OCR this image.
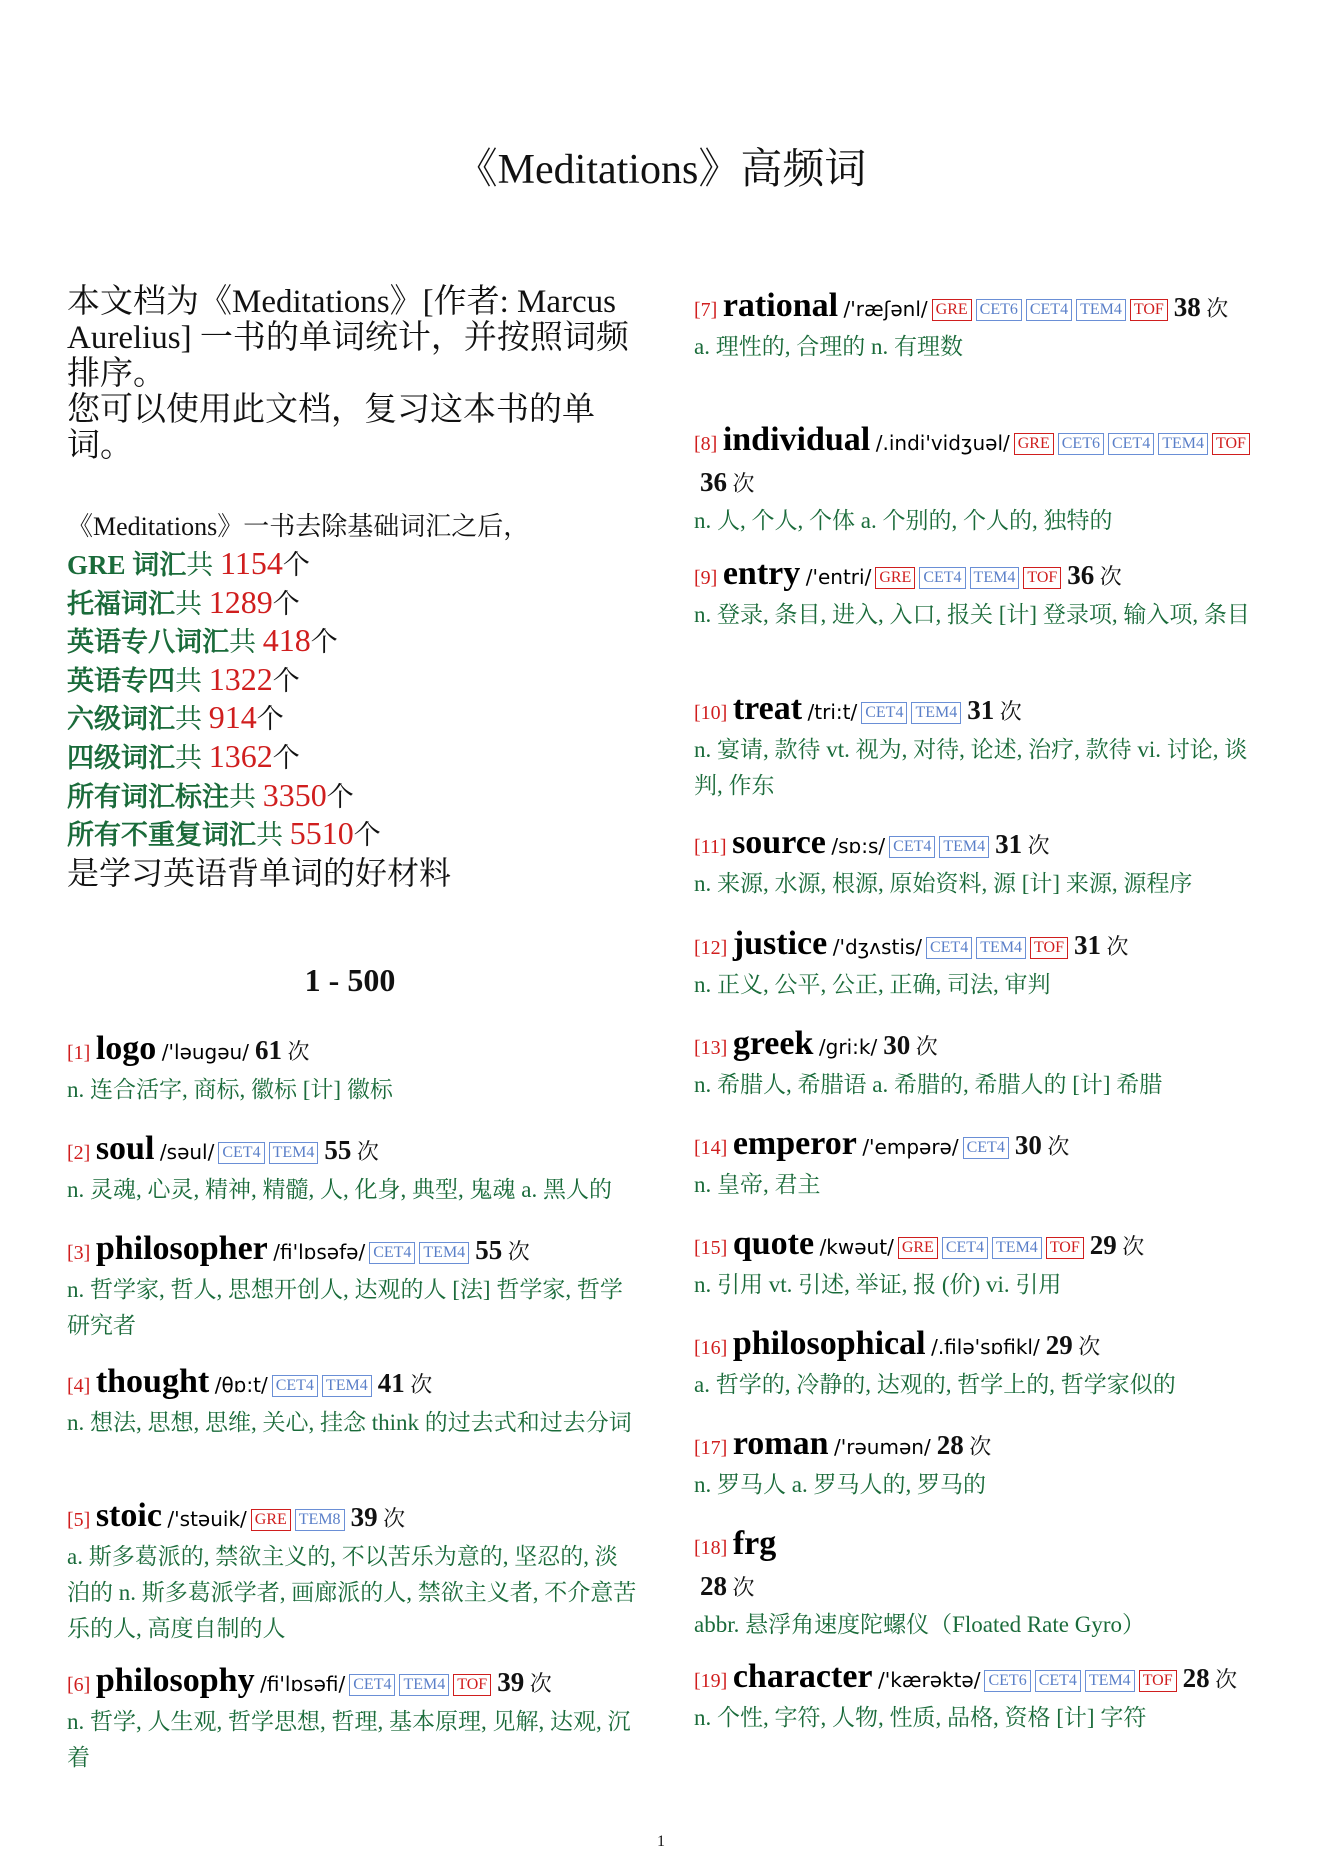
《Meditations》高频词

本文档为《Meditations》[作者: Marcus Aurelius] 一书的单词统计，并按照词频排序。

您可以使用此文档，复习这本书的单词。

《Meditations》一书去除基础词汇之后，
GRE 词汇共 1154个
托福词汇共 1289个
英语专八词汇共 418个
英语专四共 1322个
六级词汇共 914个
四级词汇共 1362个
所有词汇标注共 3350个
所有不重复词汇共 5510个
是学习英语背单词的好材料
1 - 500
[1] logo /'ləugəu/ 61 次
n. 连合活字, 商标, 徽标 [计] 徽标
[2] soul /səul/ CET4 TEM4 55 次
n. 灵魂, 心灵, 精神, 精髓, 人, 化身, 典型, 鬼魂 a. 黑人的
[3] philosopher /fi'lɒsəfə/ CET4 TEM4 55 次
n. 哲学家, 哲人, 思想开创人, 达观的人 [法] 哲学家, 哲学研究者
[4] thought /θɒ:t/ CET4 TEM4 41 次
n. 想法, 思想, 思维, 关心, 挂念 think 的过去式和过去分词
[5] stoic /'stəuik/ GRE TEM8 39 次
a. 斯多葛派的, 禁欲主义的, 不以苦乐为意的, 坚忍的, 淡泊的 n. 斯多葛派学者, 画廊派的人, 禁欲主义者, 不介意苦乐的人, 高度自制的人
[6] philosophy /fi'lɒsəfi/ CET4 TEM4 TOF 39 次
n. 哲学, 人生观, 哲学思想, 哲理, 基本原理, 见解, 达观, 沉着
[7] rational /'ræʃənl/ GRE CET6 CET4 TEM4 TOF 38 次
a. 理性的, 合理的 n. 有理数
[8] individual /.indi'vidʒuəl/ GRE CET6 CET4 TEM4 TOF36 次
n. 人, 个人, 个体 a. 个别的, 个人的, 独特的
[9] entry /'entri/ GRE CET4 TEM4 TOF 36 次
n. 登录, 条目, 进入, 入口, 报关 [计] 登录项, 输入项, 条目
[10] treat /tri:t/ CET4 TEM4 31 次
n. 宴请, 款待 vt. 视为, 对待, 论述, 治疗, 款待 vi. 讨论, 谈判, 作东
[11] source /sɒ:s/ CET4 TEM4 31 次
n. 来源, 水源, 根源, 原始资料, 源 [计] 来源, 源程序
[12] justice /'dʒʌstis/ CET4 TEM4 TOF 31 次
n. 正义, 公平, 公正, 正确, 司法, 审判
[13] greek /gri:k/ 30 次
n. 希腊人, 希腊语 a. 希腊的, 希腊人的 [计] 希腊
[14] emperor /'empərə/ CET4 30 次
n. 皇帝, 君主
[15] quote /kwəut/ GRE CET4 TEM4 TOF 29 次
n. 引用 vt. 引述, 举证, 报 (价) vi. 引用
[16] philosophical /.filə'sɒfikl/ 29 次
a. 哲学的, 冷静的, 达观的, 哲学上的, 哲学家似的
[17] roman /'rəumən/ 28 次
n. 罗马人 a. 罗马人的, 罗马的
[18] frg
28 次
abbr. 悬浮角速度陀螺仪（Floated Rate Gyro）
[19] character /'kærəktə/ CET6 CET4 TEM4 TOF 28 次
n. 个性, 字符, 人物, 性质, 品格, 资格 [计] 字符
1
